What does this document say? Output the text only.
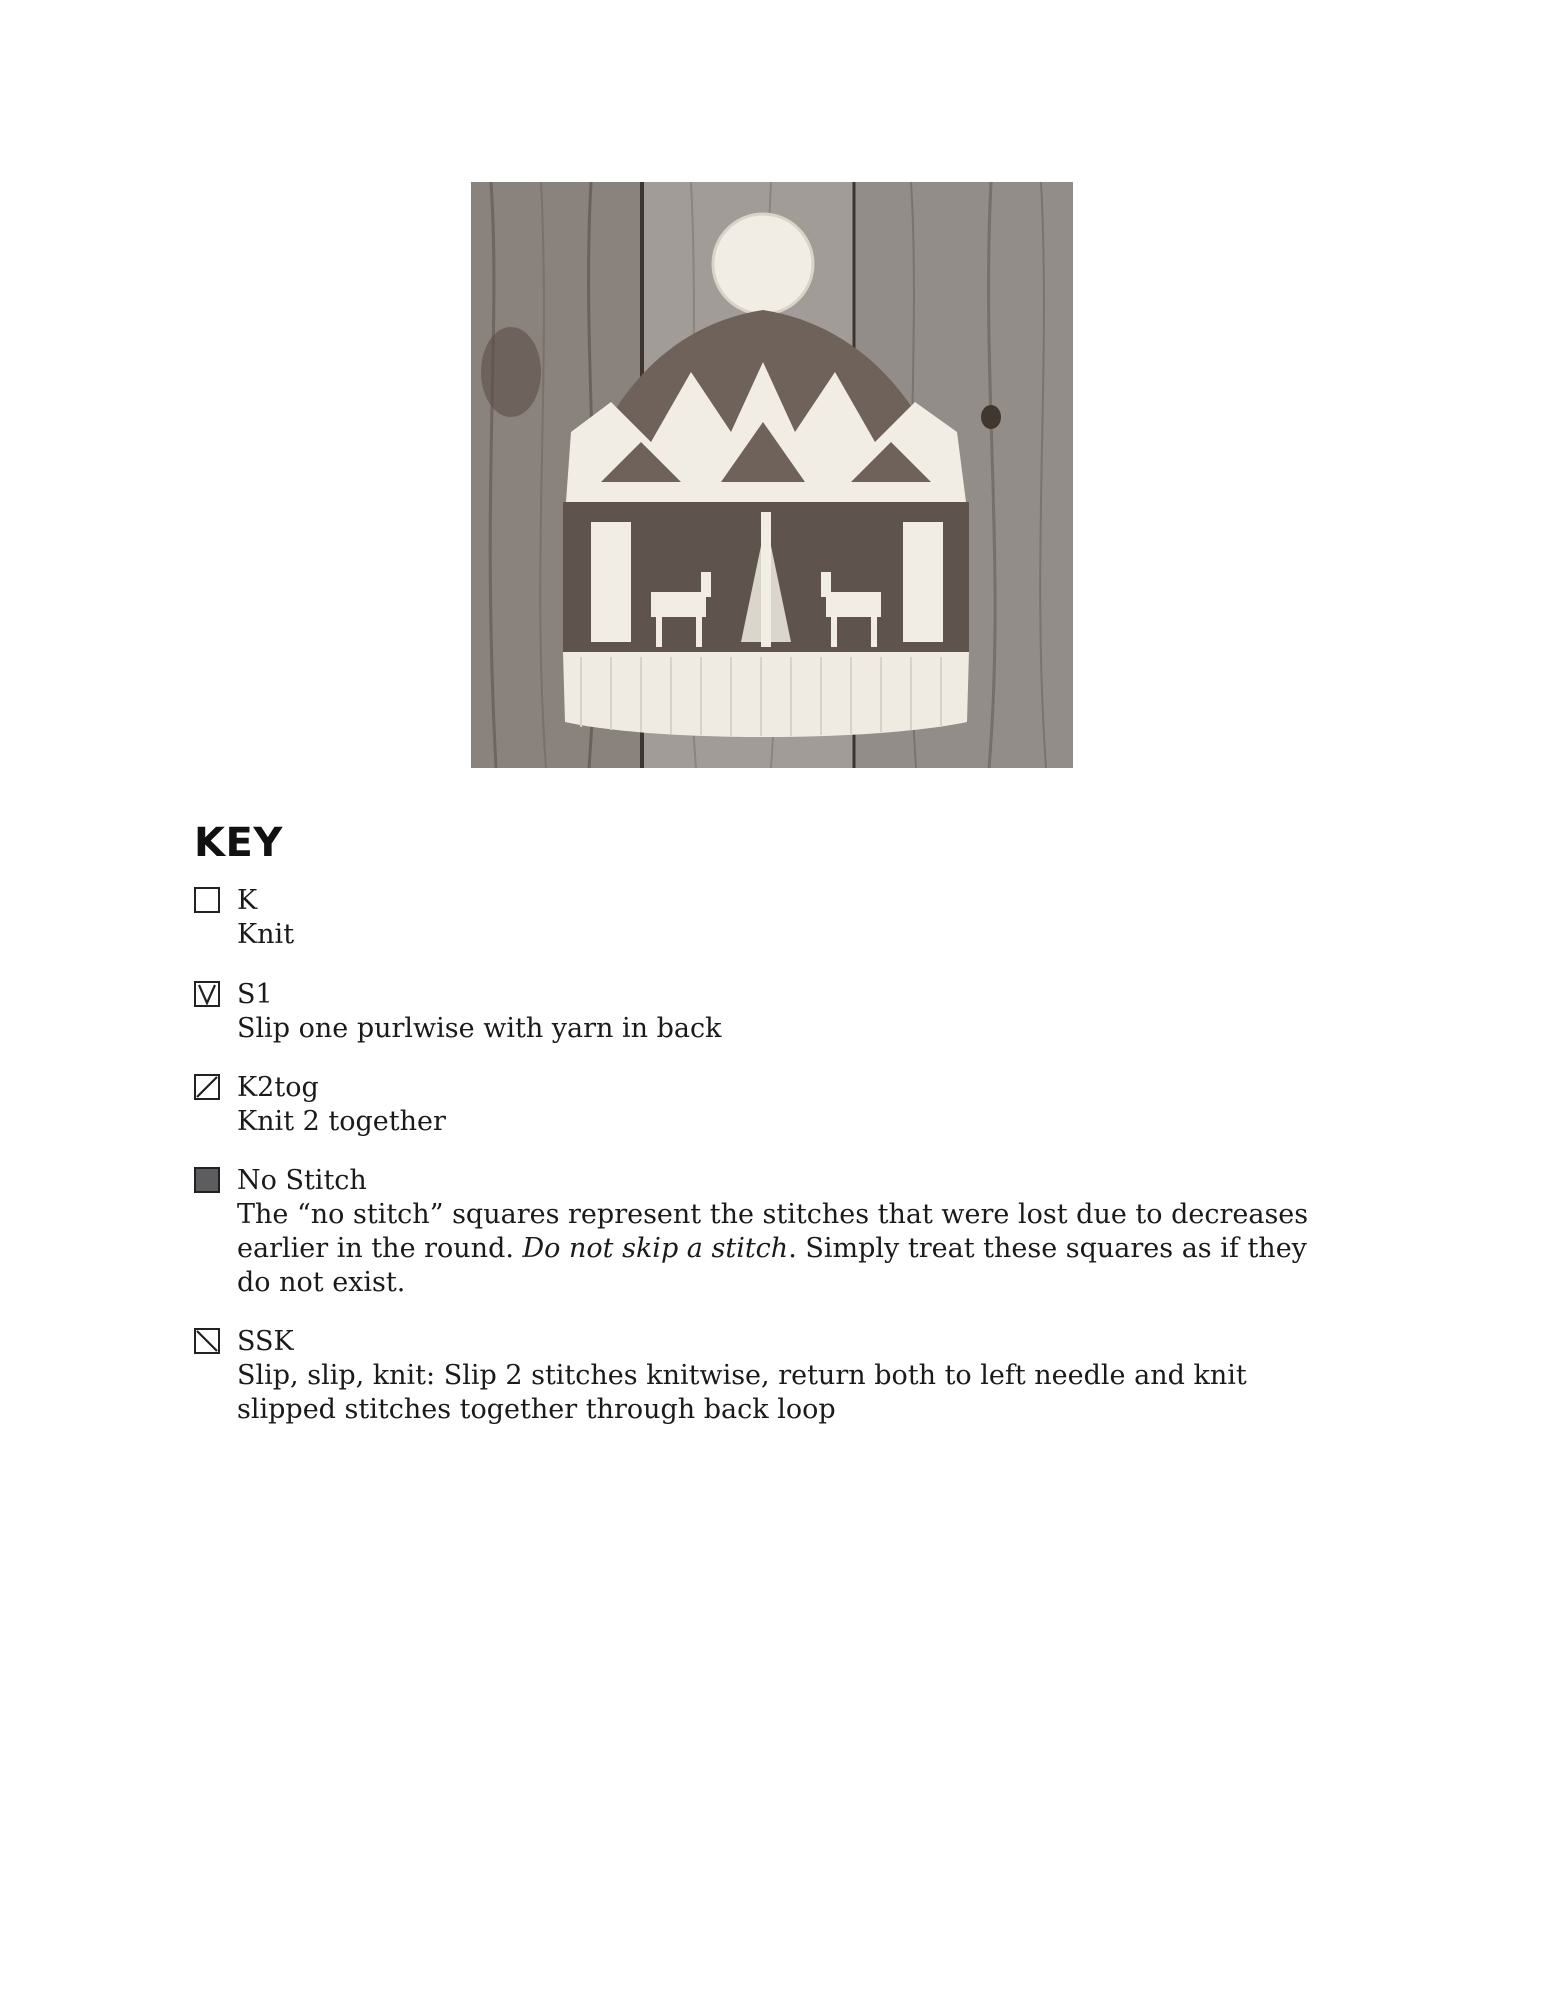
KEY
K

Knit

S1

Slip one purlwise with yarn in back

K2tog

Knit 2 together

No Stitch

The “no stitch” squares represent the stitches that were lost due to decreases earlier in the round. Do not skip a stitch. Simply treat these squares as if they do not exist.

SSK

Slip, slip, knit: Slip 2 stitches knitwise, return both to left needle and knit slipped stitches together through back loop
